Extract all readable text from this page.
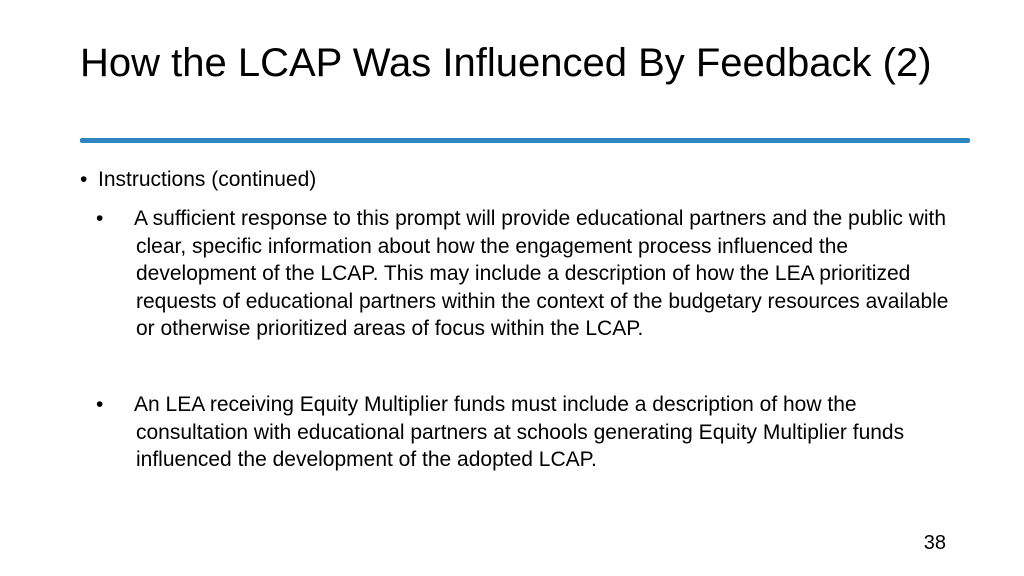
How the LCAP Was Influenced By Feedback (2)
• Instructions (continued)
• A sufficient response to this prompt will provide educational partners and the public with clear, specific information about how the engagement process influenced the development of the LCAP. This may include a description of how the LEA prioritized requests of educational partners within the context of the budgetary resources available or otherwise prioritized areas of focus within the LCAP.
• An LEA receiving Equity Multiplier funds must include a description of how the consultation with educational partners at schools generating Equity Multiplier funds influenced the development of the adopted LCAP.
38
